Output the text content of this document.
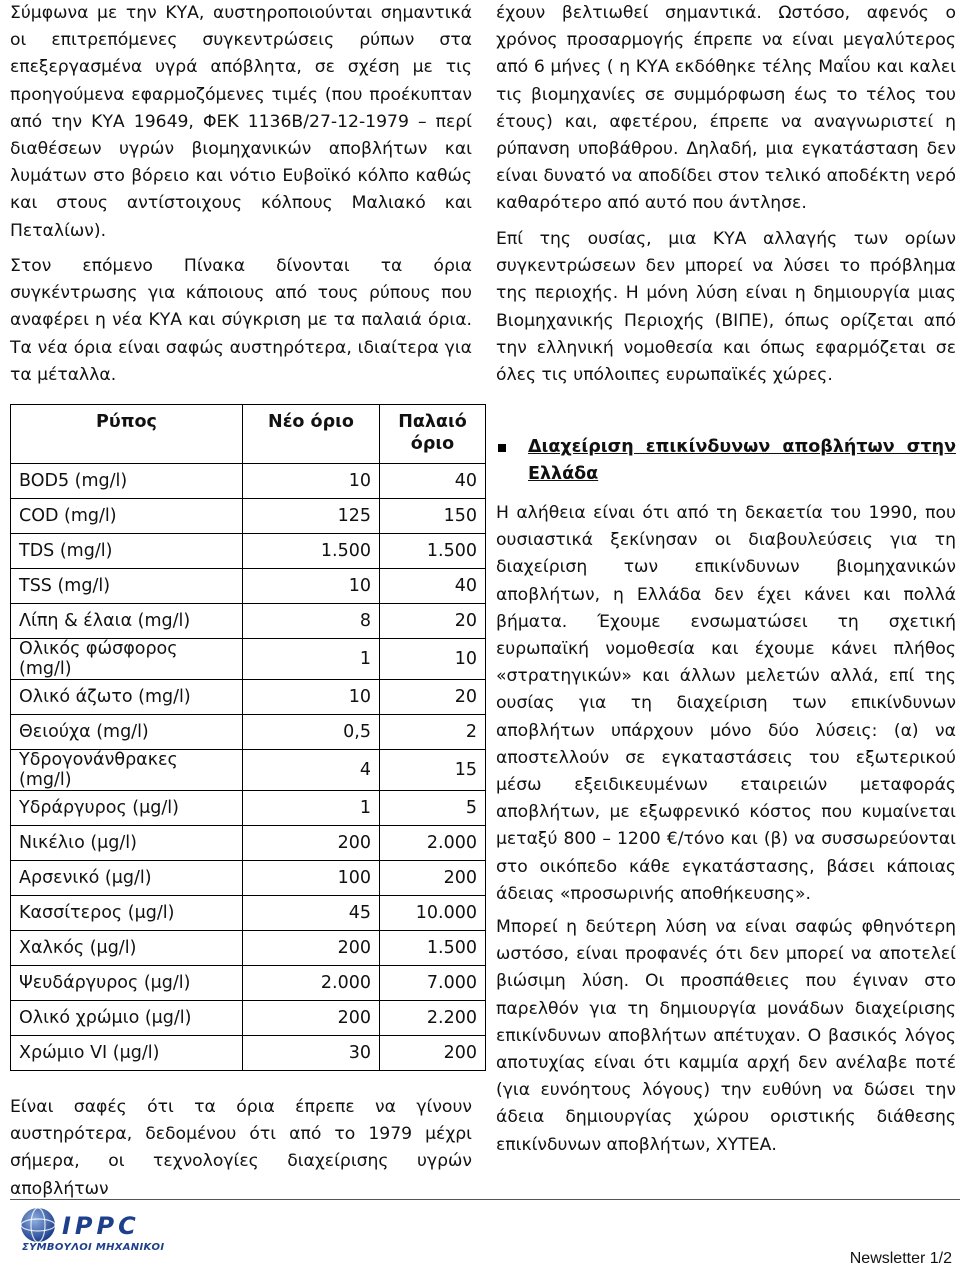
Σύμφωνα με την ΚΥΑ, αυστηροποιούνται σημαντικά οι επιτρεπόμενες συγκεντρώσεις ρύπων στα επεξεργασμένα υγρά απόβλητα, σε σχέση με τις προηγούμενα εφαρμοζόμενες τιμές (που προέκυπταν από την ΚΥΑ 19649, ΦΕΚ 1136Β/27-12-1979 – περί διαθέσεων υγρών βιομηχανικών αποβλήτων και λυμάτων στο βόρειο και νότιο Ευβοϊκό κόλπο καθώς και στους αντίστοιχους κόλπους Μαλιακό και Πεταλίων).

Στον επόμενο Πίνακα δίνονται τα όρια συγκέντρωσης για κάποιους από τους ρύπους που αναφέρει η νέα ΚΥΑ και σύγκριση με τα παλαιά όρια. Τα νέα όρια είναι σαφώς αυστηρότερα, ιδιαίτερα για τα μέταλλα.

Ρύπος	Νέο όριο	Παλαιό όριο
BOD5 (mg/l)	10	40
COD (mg/l)	125	150
TDS (mg/l)	1.500	1.500
TSS (mg/l)	10	40
Λίπη & έλαια (mg/l)	8	20
Ολικός φώσφορος (mg/l)	1	10
Ολικό άζωτο (mg/l)	10	20
Θειούχα (mg/l)	0,5	2
Υδρογονάνθρακες (mg/l)	4	15
Υδράργυρος (μg/l)	1	5
Νικέλιο (μg/l)	200	2.000
Αρσενικό (μg/l)	100	200
Κασσίτερος (μg/l)	45	10.000
Χαλκός (μg/l)	200	1.500
Ψευδάργυρος (μg/l)	2.000	7.000
Ολικό χρώμιο (μg/l)	200	2.200
Χρώμιο VI (μg/l)	30	200

Είναι σαφές ότι τα όρια έπρεπε να γίνουν αυστηρότερα, δεδομένου ότι από το 1979 μέχρι σήμερα, οι τεχνολογίες διαχείρισης υγρών αποβλήτων

έχουν βελτιωθεί σημαντικά. Ωστόσο, αφενός ο χρόνος προσαρμογής έπρεπε να είναι μεγαλύτερος από 6 μήνες ( η ΚΥΑ εκδόθηκε τέλης Μαΐου και καλει τις βιομηχανίες σε συμμόρφωση έως το τέλος του έτους) και, αφετέρου, έπρεπε να αναγνωριστεί η ρύπανση υποβάθρου. Δηλαδή, μια εγκατάσταση δεν είναι δυνατό να αποδίδει στον τελικό αποδέκτη νερό καθαρότερο από αυτό που άντλησε.

Επί της ουσίας, μια ΚΥΑ αλλαγής των ορίων συγκεντρώσεων δεν μπορεί να λύσει το πρόβλημα της περιοχής. Η μόνη λύση είναι η δημιουργία μιας Βιομηχανικής Περιοχής (ΒΙΠΕ), όπως ορίζεται από την ελληνική νομοθεσία και όπως εφαρμόζεται σε όλες τις υπόλοιπες ευρωπαϊκές χώρες.

Διαχείριση επικίνδυνων αποβλήτων στην Ελλάδα

Η αλήθεια είναι ότι από τη δεκαετία του 1990, που ουσιαστικά ξεκίνησαν οι διαβουλεύσεις για τη διαχείριση των επικίνδυνων βιομηχανικών αποβλήτων, η Ελλάδα δεν έχει κάνει και πολλά βήματα. Έχουμε ενσωματώσει τη σχετική ευρωπαϊκή νομοθεσία και έχουμε κάνει πλήθος «στρατηγικών» και άλλων μελετών αλλά, επί της ουσίας για τη διαχείριση των επικίνδυνων αποβλήτων υπάρχουν μόνο δύο λύσεις: (α) να αποστελλούν σε εγκαταστάσεις του εξωτερικού μέσω εξειδικευμένων εταιρειών μεταφοράς αποβλήτων, με εξωφρενικό κόστος που κυμαίνεται μεταξύ 800 – 1200 €/τόνο και (β) να συσσωρεύονται στο οικόπεδο κάθε εγκατάστασης, βάσει κάποιας άδειας «προσωρινής αποθήκευσης».

Μπορεί η δεύτερη λύση να είναι σαφώς φθηνότερη ωστόσο, είναι προφανές ότι δεν μπορεί να αποτελεί βιώσιμη λύση. Οι προσπάθειες που έγιναν στο παρελθόν για τη δημιουργία μονάδων διαχείρισης επικίνδυνων αποβλήτων απέτυχαν. Ο βασικός λόγος αποτυχίας είναι ότι καμμία αρχή δεν ανέλαβε ποτέ (για ευνόητους λόγους) την ευθύνη να δώσει την άδεια δημιουργίας χώρου οριστικής διάθεσης επικίνδυνων αποβλήτων, ΧΥΤΕΑ.

IPPC
ΣΥΜΒΟΥΛΟΙ ΜΗΧΑΝΙΚΟΙ
Newsletter 1/2
